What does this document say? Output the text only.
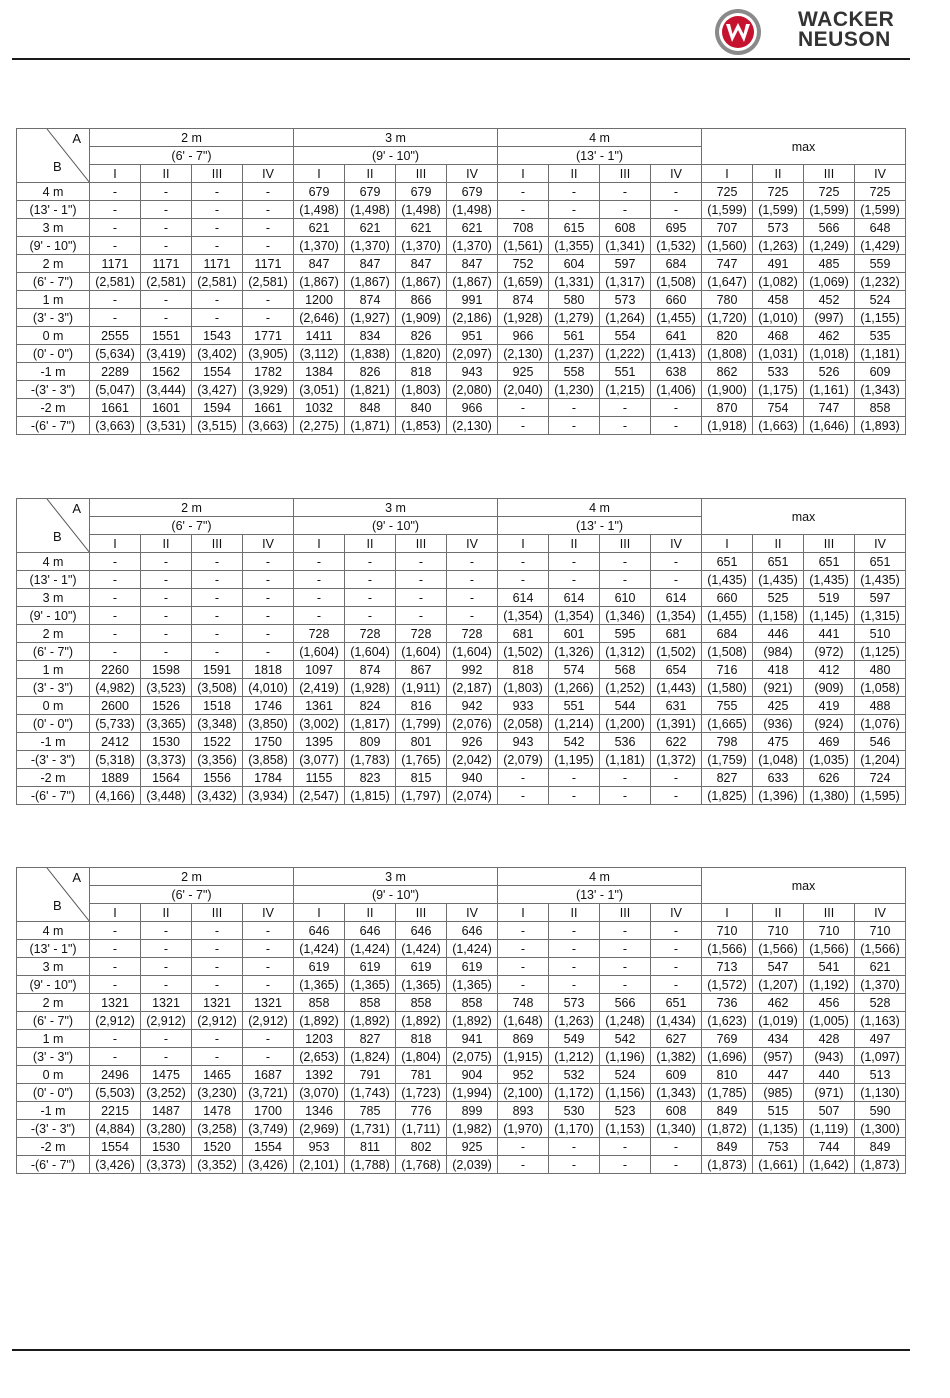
WACKER
NEUSON
A
B	2 m				3 m				4 m				max			
	(6' - 7")				(9' - 10")				(13' - 1")							
	I	II	III	IV	I	II	III	IV	I	II	III	IV	I	II	III	IV
4 m	-	-	-	-	679	679	679	679	-	-	-	-	725	725	725	725
(13' - 1")	-	-	-	-	(1,498)	(1,498)	(1,498)	(1,498)	-	-	-	-	(1,599)	(1,599)	(1,599)	(1,599)
3 m	-	-	-	-	621	621	621	621	708	615	608	695	707	573	566	648
(9' - 10")	-	-	-	-	(1,370)	(1,370)	(1,370)	(1,370)	(1,561)	(1,355)	(1,341)	(1,532)	(1,560)	(1,263)	(1,249)	(1,429)
2 m	1171	1171	1171	1171	847	847	847	847	752	604	597	684	747	491	485	559
(6' - 7")	(2,581)	(2,581)	(2,581)	(2,581)	(1,867)	(1,867)	(1,867)	(1,867)	(1,659)	(1,331)	(1,317)	(1,508)	(1,647)	(1,082)	(1,069)	(1,232)
1 m	-	-	-	-	1200	874	866	991	874	580	573	660	780	458	452	524
(3' - 3")	-	-	-	-	(2,646)	(1,927)	(1,909)	(2,186)	(1,928)	(1,279)	(1,264)	(1,455)	(1,720)	(1,010)	(997)	(1,155)
0 m	2555	1551	1543	1771	1411	834	826	951	966	561	554	641	820	468	462	535
(0' - 0")	(5,634)	(3,419)	(3,402)	(3,905)	(3,112)	(1,838)	(1,820)	(2,097)	(2,130)	(1,237)	(1,222)	(1,413)	(1,808)	(1,031)	(1,018)	(1,181)
-1 m	2289	1562	1554	1782	1384	826	818	943	925	558	551	638	862	533	526	609
-(3' - 3")	(5,047)	(3,444)	(3,427)	(3,929)	(3,051)	(1,821)	(1,803)	(2,080)	(2,040)	(1,230)	(1,215)	(1,406)	(1,900)	(1,175)	(1,161)	(1,343)
-2 m	1661	1601	1594	1661	1032	848	840	966	-	-	-	-	870	754	747	858
-(6' - 7")	(3,663)	(3,531)	(3,515)	(3,663)	(2,275)	(1,871)	(1,853)	(2,130)	-	-	-	-	(1,918)	(1,663)	(1,646)	(1,893)
A
B	2 m				3 m				4 m				max			
	(6' - 7")				(9' - 10")				(13' - 1")							
	I	II	III	IV	I	II	III	IV	I	II	III	IV	I	II	III	IV
4 m	-	-	-	-	-	-	-	-	-	-	-	-	651	651	651	651
(13' - 1")	-	-	-	-	-	-	-	-	-	-	-	-	(1,435)	(1,435)	(1,435)	(1,435)
3 m	-	-	-	-	-	-	-	-	614	614	610	614	660	525	519	597
(9' - 10")	-	-	-	-	-	-	-	-	(1,354)	(1,354)	(1,346)	(1,354)	(1,455)	(1,158)	(1,145)	(1,315)
2 m	-	-	-	-	728	728	728	728	681	601	595	681	684	446	441	510
(6' - 7")	-	-	-	-	(1,604)	(1,604)	(1,604)	(1,604)	(1,502)	(1,326)	(1,312)	(1,502)	(1,508)	(984)	(972)	(1,125)
1 m	2260	1598	1591	1818	1097	874	867	992	818	574	568	654	716	418	412	480
(3' - 3")	(4,982)	(3,523)	(3,508)	(4,010)	(2,419)	(1,928)	(1,911)	(2,187)	(1,803)	(1,266)	(1,252)	(1,443)	(1,580)	(921)	(909)	(1,058)
0 m	2600	1526	1518	1746	1361	824	816	942	933	551	544	631	755	425	419	488
(0' - 0")	(5,733)	(3,365)	(3,348)	(3,850)	(3,002)	(1,817)	(1,799)	(2,076)	(2,058)	(1,214)	(1,200)	(1,391)	(1,665)	(936)	(924)	(1,076)
-1 m	2412	1530	1522	1750	1395	809	801	926	943	542	536	622	798	475	469	546
-(3' - 3")	(5,318)	(3,373)	(3,356)	(3,858)	(3,077)	(1,783)	(1,765)	(2,042)	(2,079)	(1,195)	(1,181)	(1,372)	(1,759)	(1,048)	(1,035)	(1,204)
-2 m	1889	1564	1556	1784	1155	823	815	940	-	-	-	-	827	633	626	724
-(6' - 7")	(4,166)	(3,448)	(3,432)	(3,934)	(2,547)	(1,815)	(1,797)	(2,074)	-	-	-	-	(1,825)	(1,396)	(1,380)	(1,595)
A
B	2 m				3 m				4 m				max			
	(6' - 7")				(9' - 10")				(13' - 1")							
	I	II	III	IV	I	II	III	IV	I	II	III	IV	I	II	III	IV
4 m	-	-	-	-	646	646	646	646	-	-	-	-	710	710	710	710
(13' - 1")	-	-	-	-	(1,424)	(1,424)	(1,424)	(1,424)	-	-	-	-	(1,566)	(1,566)	(1,566)	(1,566)
3 m	-	-	-	-	619	619	619	619	-	-	-	-	713	547	541	621
(9' - 10")	-	-	-	-	(1,365)	(1,365)	(1,365)	(1,365)	-	-	-	-	(1,572)	(1,207)	(1,192)	(1,370)
2 m	1321	1321	1321	1321	858	858	858	858	748	573	566	651	736	462	456	528
(6' - 7")	(2,912)	(2,912)	(2,912)	(2,912)	(1,892)	(1,892)	(1,892)	(1,892)	(1,648)	(1,263)	(1,248)	(1,434)	(1,623)	(1,019)	(1,005)	(1,163)
1 m	-	-	-	-	1203	827	818	941	869	549	542	627	769	434	428	497
(3' - 3")	-	-	-	-	(2,653)	(1,824)	(1,804)	(2,075)	(1,915)	(1,212)	(1,196)	(1,382)	(1,696)	(957)	(943)	(1,097)
0 m	2496	1475	1465	1687	1392	791	781	904	952	532	524	609	810	447	440	513
(0' - 0")	(5,503)	(3,252)	(3,230)	(3,721)	(3,070)	(1,743)	(1,723)	(1,994)	(2,100)	(1,172)	(1,156)	(1,343)	(1,785)	(985)	(971)	(1,130)
-1 m	2215	1487	1478	1700	1346	785	776	899	893	530	523	608	849	515	507	590
-(3' - 3")	(4,884)	(3,280)	(3,258)	(3,749)	(2,969)	(1,731)	(1,711)	(1,982)	(1,970)	(1,170)	(1,153)	(1,340)	(1,872)	(1,135)	(1,119)	(1,300)
-2 m	1554	1530	1520	1554	953	811	802	925	-	-	-	-	849	753	744	849
-(6' - 7")	(3,426)	(3,373)	(3,352)	(3,426)	(2,101)	(1,788)	(1,768)	(2,039)	-	-	-	-	(1,873)	(1,661)	(1,642)	(1,873)
